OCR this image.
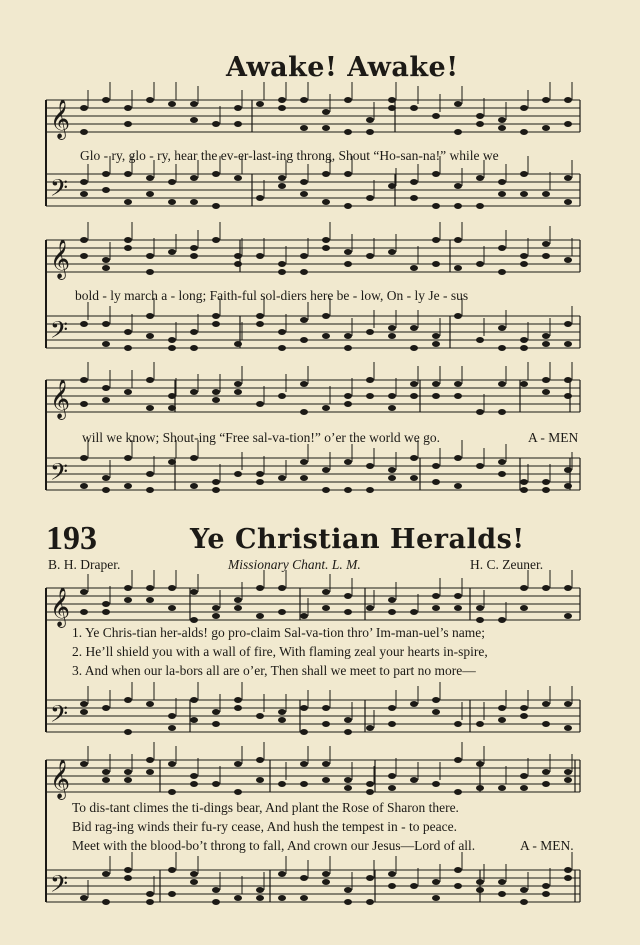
𝄞
𝄢
𝄞
𝄢
𝄞
𝄢
𝄞
𝄢
𝄞
𝄢
Awake! Awake!
Glo - ry, glo - ry, hear the ev-er-last-ing throng, Shout “Ho-san-na!” while we
bold - ly march a - long; Faith-ful sol-diers here be - low, On - ly Je - sus
will we know; Shout-ing “Free sal-va-tion!” o’er the world we go.	A - MEN
193	Ye Christian Heralds!
B. H. Draper.	Missionary Chant. L. M.	H. C. Zeuner.
1. Ye Chris-tian her-alds! go pro-claim Sal-va-tion thro’ Im-man-uel’s name;
2. He’ll shield you with a wall of fire, With flaming zeal your hearts in-spire,
3. And when our la-bors all are o’er, Then shall we meet to part no more—
To dis-tant climes the ti-dings bear, And plant the Rose of Sharon there.
Bid rag-ing winds their fu-ry cease, And hush the tempest in - to peace.
Meet with the blood-bo’t throng to fall, And crown our Jesus—Lord of all.	A - MEN.
